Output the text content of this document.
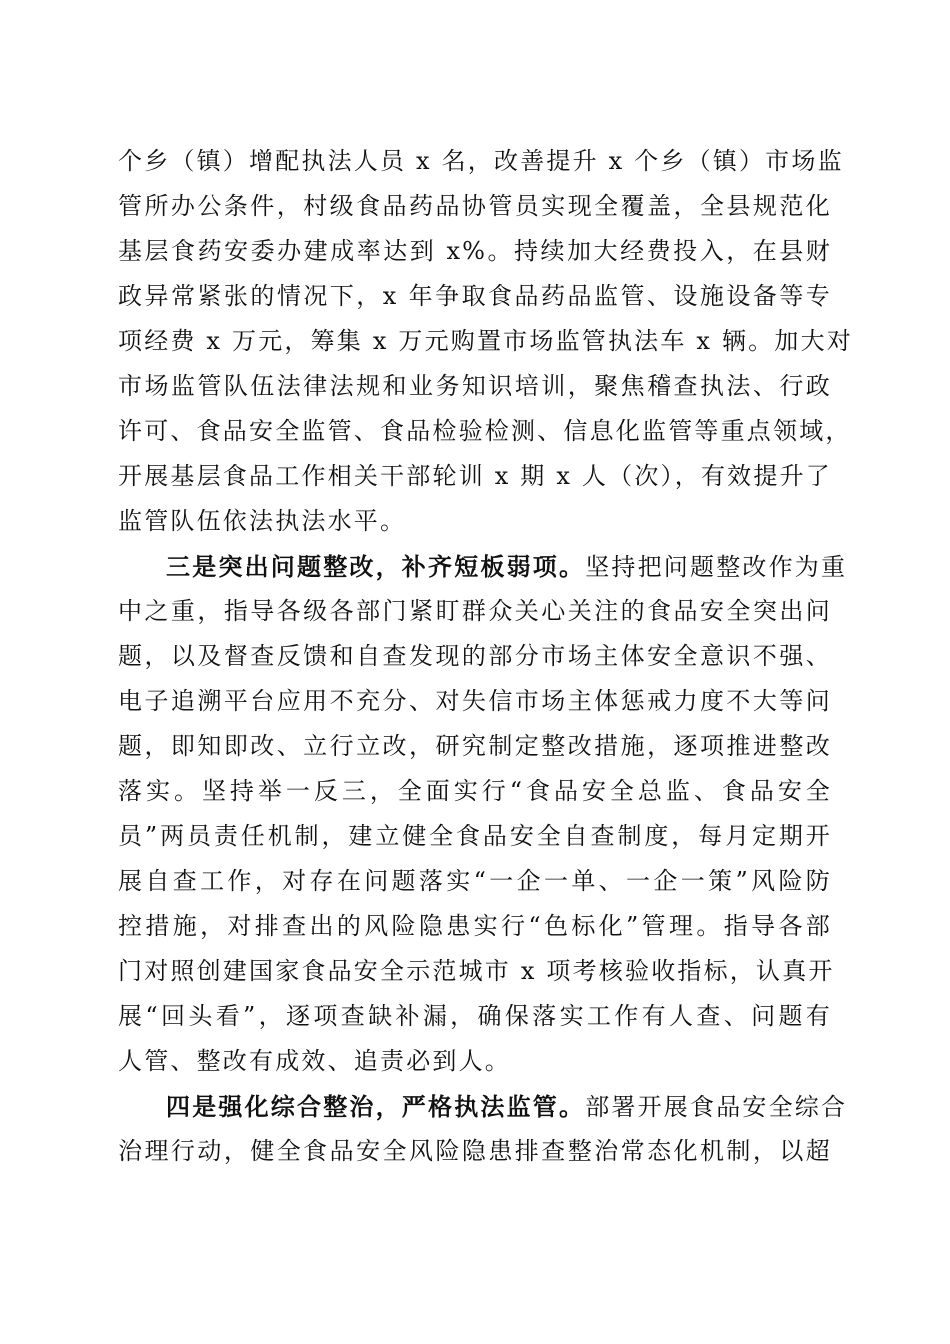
个乡（镇）增配执法人员 x 名，改善提升 x 个乡（镇）市场监
管所办公条件，村级食品药品协管员实现全覆盖，全县规范化
基层食药安委办建成率达到 x%。持续加大经费投入，在县财
政异常紧张的情况下，x 年争取食品药品监管、设施设备等专
项经费 x 万元，筹集 x 万元购置市场监管执法车 x 辆。加大对
市场监管队伍法律法规和业务知识培训，聚焦稽查执法、行政
许可、食品安全监管、食品检验检测、信息化监管等重点领域，
开展基层食品工作相关干部轮训 x 期 x 人（次），有效提升了
监管队伍依法执法水平。
三是突出问题整改，补齐短板弱项。坚持把问题整改作为重
中之重，指导各级各部门紧盯群众关心关注的食品安全突出问
题，以及督查反馈和自查发现的部分市场主体安全意识不强、
电子追溯平台应用不充分、对失信市场主体惩戒力度不大等问
题，即知即改、立行立改，研究制定整改措施，逐项推进整改
落实。坚持举一反三，全面实行“食品安全总监、食品安全
员”两员责任机制，建立健全食品安全自查制度，每月定期开
展自查工作，对存在问题落实“一企一单、一企一策”风险防
控措施，对排查出的风险隐患实行“色标化”管理。指导各部
门对照创建国家食品安全示范城市 x 项考核验收指标，认真开
展“回头看”，逐项查缺补漏，确保落实工作有人查、问题有
人管、整改有成效、追责必到人。
四是强化综合整治，严格执法监管。部署开展食品安全综合
治理行动，健全食品安全风险隐患排查整治常态化机制，以超
